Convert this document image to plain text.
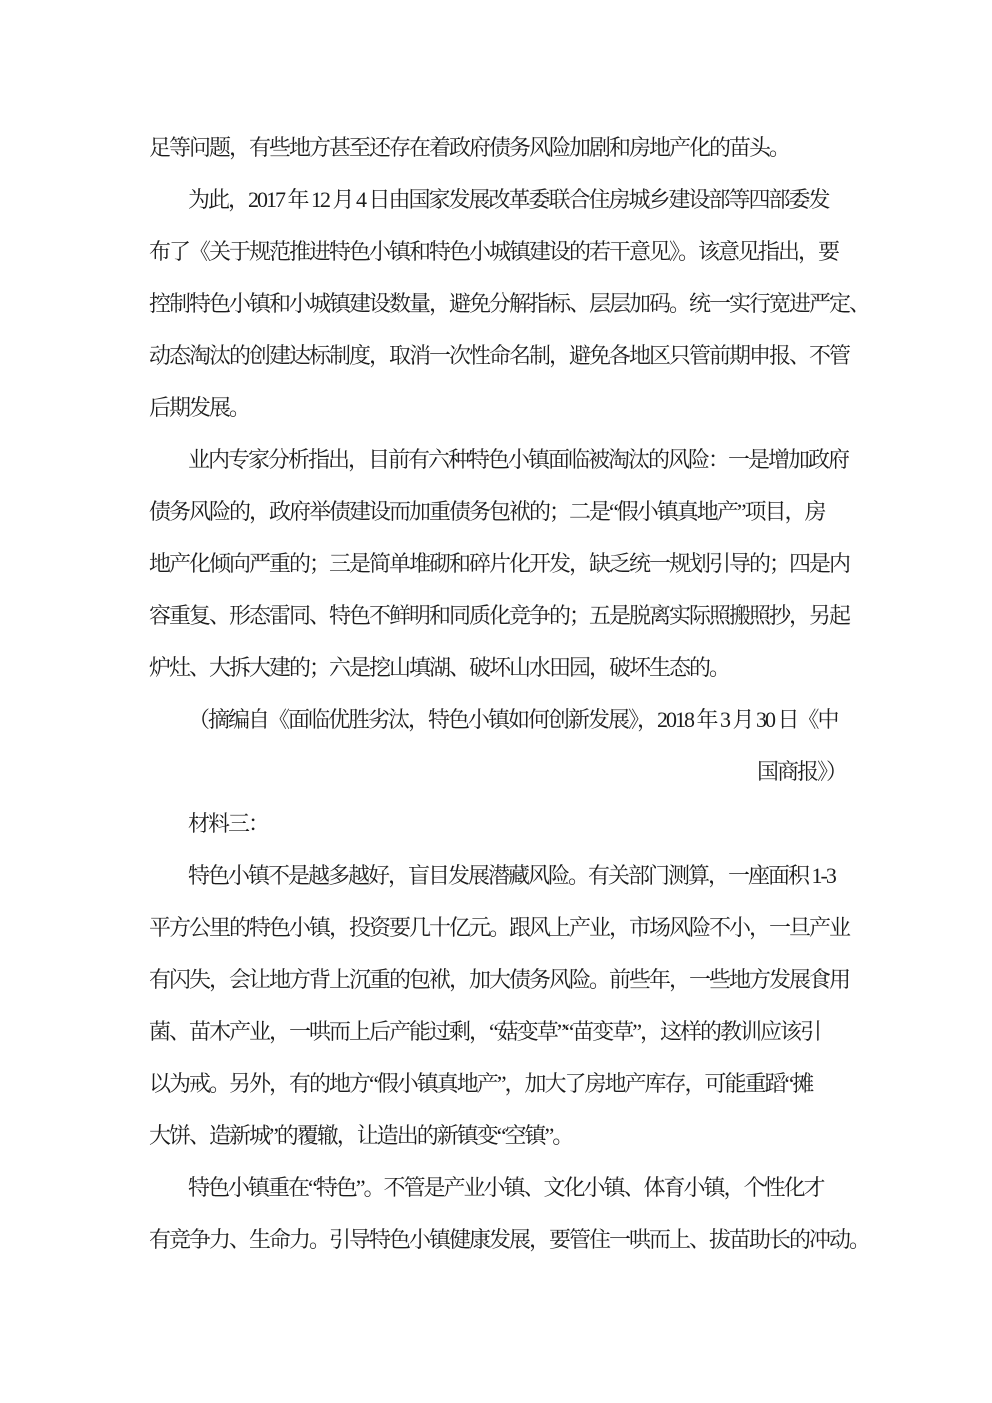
足等问题，有些地方甚至还存在着政府债务风险加剧和房地产化的苗头。
为此，2017 年 12 月 4 日由国家发展改革委联合住房城乡建设部等四部委发
布了《关于规范推进特色小镇和特色小城镇建设的若干意见》。该意见指出，要
控制特色小镇和小城镇建设数量，避免分解指标、层层加码。统一实行宽进严定、
动态淘汰的创建达标制度，取消一次性命名制，避免各地区只管前期申报、不管
后期发展。
业内专家分析指出，目前有六种特色小镇面临被淘汰的风险：一是增加政府
债务风险的，政府举债建设而加重债务包袱的；二是“假小镇真地产”项目，房
地产化倾向严重的；三是简单堆砌和碎片化开发，缺乏统一规划引导的；四是内
容重复、形态雷同、特色不鲜明和同质化竞争的；五是脱离实际照搬照抄，另起
炉灶、大拆大建的；六是挖山填湖、破坏山水田园，破坏生态的。
（摘编自《面临优胜劣汰，特色小镇如何创新发展》，2018 年 3 月 30 日《中
国商报》）
材料三：
特色小镇不是越多越好，盲目发展潜藏风险。有关部门测算，一座面积 1-3
平方公里的特色小镇，投资要几十亿元。跟风上产业，市场风险不小，一旦产业
有闪失，会让地方背上沉重的包袱，加大债务风险。前些年，一些地方发展食用
菌、苗木产业，一哄而上后产能过剩，“菇变草”“苗变草”，这样的教训应该引
以为戒。另外，有的地方“假小镇真地产”，加大了房地产库存，可能重蹈“摊
大饼、造新城”的覆辙，让造出的新镇变“空镇”。
特色小镇重在“特色”。不管是产业小镇、文化小镇、体育小镇，个性化才
有竞争力、生命力。引导特色小镇健康发展，要管住一哄而上、拔苗助长的冲动。
